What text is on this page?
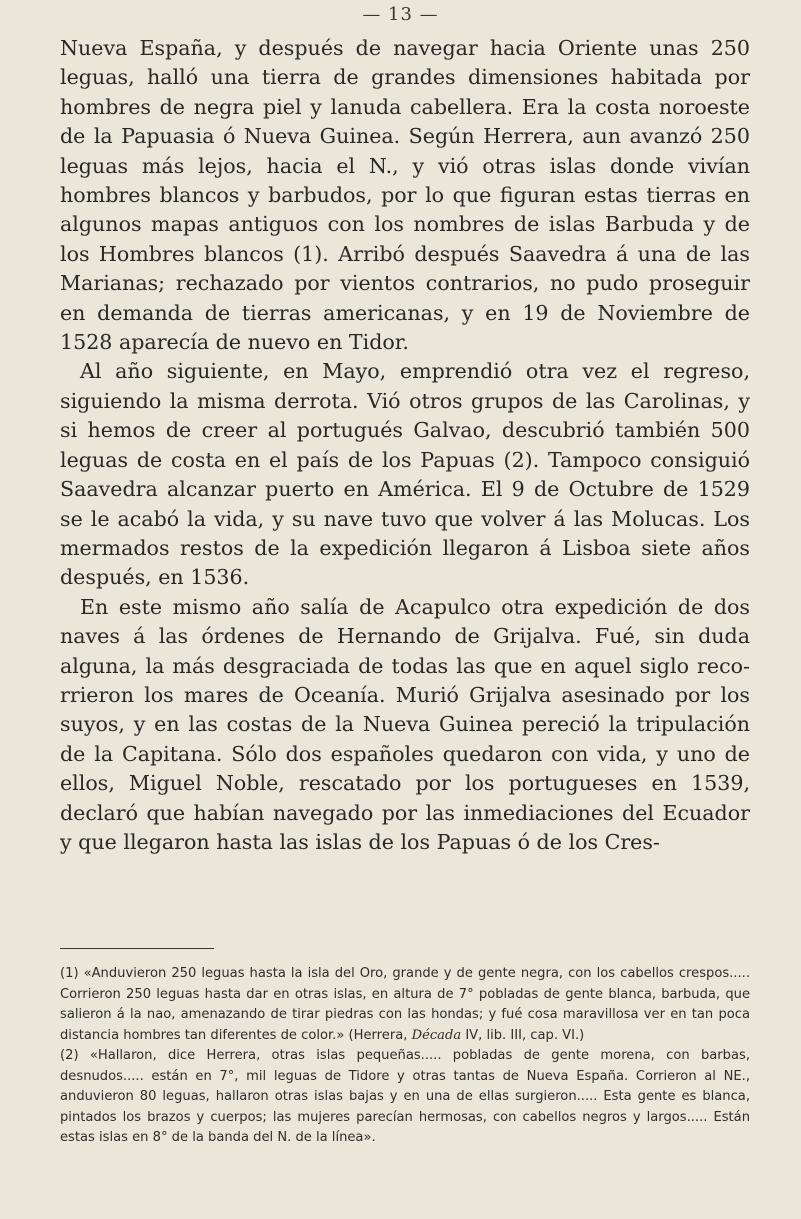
— 13 —

Nueva España, y después de navegar hacia Oriente unas 250 leguas, halló una tierra de grandes dimensiones habitada por hombres de negra piel y lanuda cabellera. Era la costa noroeste de la Papuasia ó Nueva Guinea. Según Herrera, aun avanzó 250 leguas más lejos, hacia el N., y vió otras islas donde vivían hombres blancos y barbudos, por lo que figuran estas tierras en algunos mapas antiguos con los nombres de islas Barbuda y de los Hombres blancos (1). Arribó después Saavedra á una de las Marianas; rechazado por vientos contrarios, no pudo proseguir en demanda de tierras americanas, y en 19 de Noviembre de 1528 aparecía de nuevo en Tidor.

Al año siguiente, en Mayo, emprendió otra vez el regreso, siguiendo la misma derrota. Vió otros grupos de las Carolinas, y si hemos de creer al portugués Galvao, descubrió también 500 leguas de costa en el país de los Papuas (2). Tampoco consiguió Saavedra alcanzar puerto en América. El 9 de Octubre de 1529 se le acabó la vida, y su nave tuvo que volver á las Molucas. Los mermados restos de la expedición llegaron á Lisboa siete años después, en 1536.

En este mismo año salía de Acapulco otra expedición de dos naves á las órdenes de Hernando de Grijalva. Fué, sin duda alguna, la más desgraciada de todas las que en aquel siglo recorrieron los mares de Oceanía. Murió Grijalva asesinado por los suyos, y en las costas de la Nueva Guinea pereció la tripulación de la Capitana. Sólo dos españoles quedaron con vida, y uno de ellos, Miguel Noble, rescatado por los portugueses en 1539, declaró que habían navegado por las inmediaciones del Ecuador y que llegaron hasta las islas de los Papuas ó de los Cres-

(1) «Anduvieron 250 leguas hasta la isla del Oro, grande y de gente negra, con los cabellos crespos..... Corrieron 250 leguas hasta dar en otras islas, en altura de 7° pobladas de gente blanca, barbuda, que salieron á la nao, amenazando de tirar piedras con las hondas; y fué cosa maravillosa ver en tan poca distancia hombres tan diferentes de color.» (Herrera, Década IV, lib. III, cap. VI.)

(2) «Hallaron, dice Herrera, otras islas pequeñas..... pobladas de gente morena, con barbas, desnudos..... están en 7°, mil leguas de Tidore y otras tantas de Nueva España. Corrieron al NE., anduvieron 80 leguas, hallaron otras islas bajas y en una de ellas surgieron..... Esta gente es blanca, pintados los brazos y cuerpos; las mujeres parecían hermosas, con cabellos negros y largos..... Están estas islas en 8° de la banda del N. de la línea».
